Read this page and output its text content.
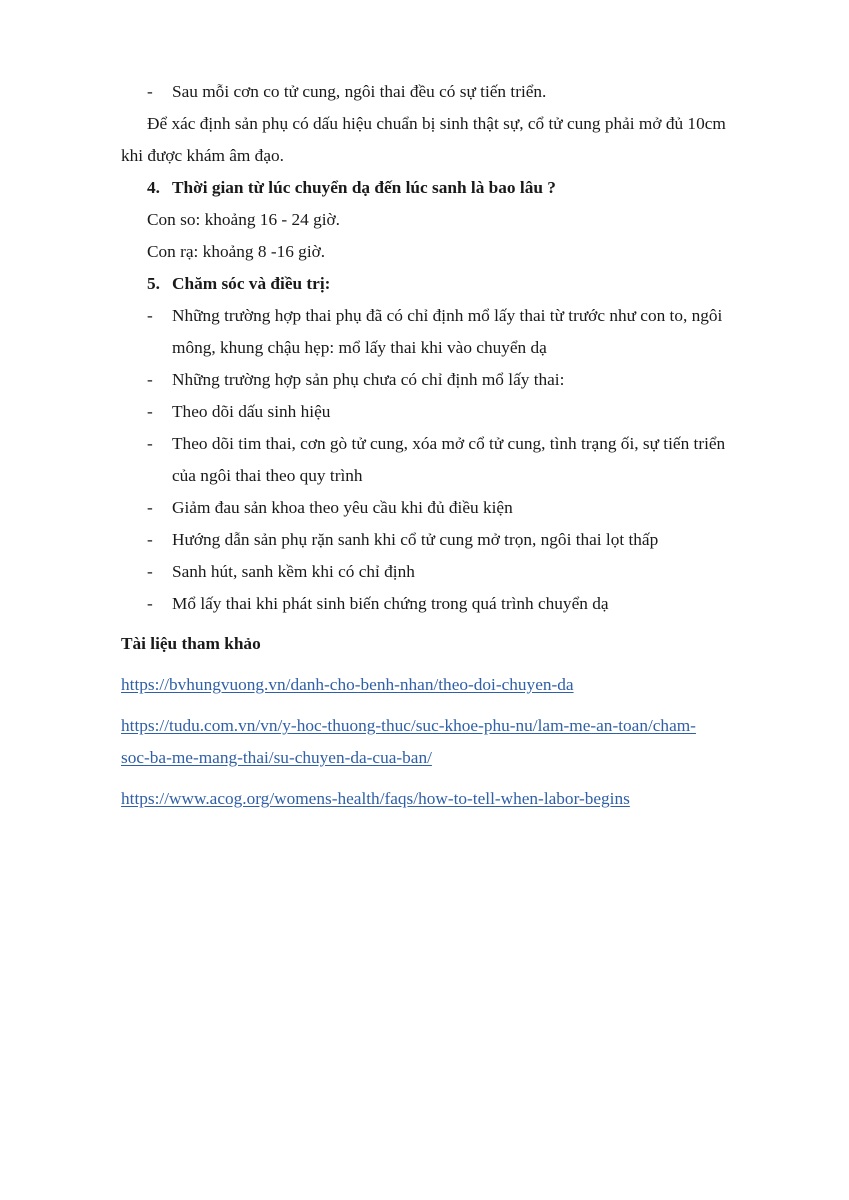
- Sau mỗi cơn co tử cung, ngôi thai đều có sự tiến triển.
Để xác định sản phụ có dấu hiệu chuẩn bị sinh thật sự, cổ tử cung phải mở đủ 10cm
khi được khám âm đạo.
4. Thời gian từ lúc chuyển dạ đến lúc sanh là bao lâu ?
Con so: khoảng 16 - 24 giờ.
Con rạ: khoảng 8 -16 giờ.
5. Chăm sóc và điều trị:
- Những trường hợp thai phụ đã có chỉ định mổ lấy thai từ trước như con to, ngôi
mông, khung chậu hẹp: mổ lấy thai khi vào chuyển dạ
- Những trường hợp sản phụ chưa có chỉ định mổ lấy thai:
- Theo dõi dấu sinh hiệu
- Theo dõi tim thai, cơn gò tử cung, xóa mở cổ tử cung, tình trạng ối, sự tiến triển
của ngôi thai theo quy trình
- Giảm đau sản khoa theo yêu cầu khi đủ điều kiện
- Hướng dẫn sản phụ rặn sanh khi cổ tử cung mở trọn, ngôi thai lọt thấp
- Sanh hút, sanh kềm khi có chỉ định
- Mổ lấy thai khi phát sinh biến chứng trong quá trình chuyển dạ
Tài liệu tham khảo
https://bvhungvuong.vn/danh-cho-benh-nhan/theo-doi-chuyen-da
https://tudu.com.vn/vn/y-hoc-thuong-thuc/suc-khoe-phu-nu/lam-me-an-toan/cham-
soc-ba-me-mang-thai/su-chuyen-da-cua-ban/
https://www.acog.org/womens-health/faqs/how-to-tell-when-labor-begins
